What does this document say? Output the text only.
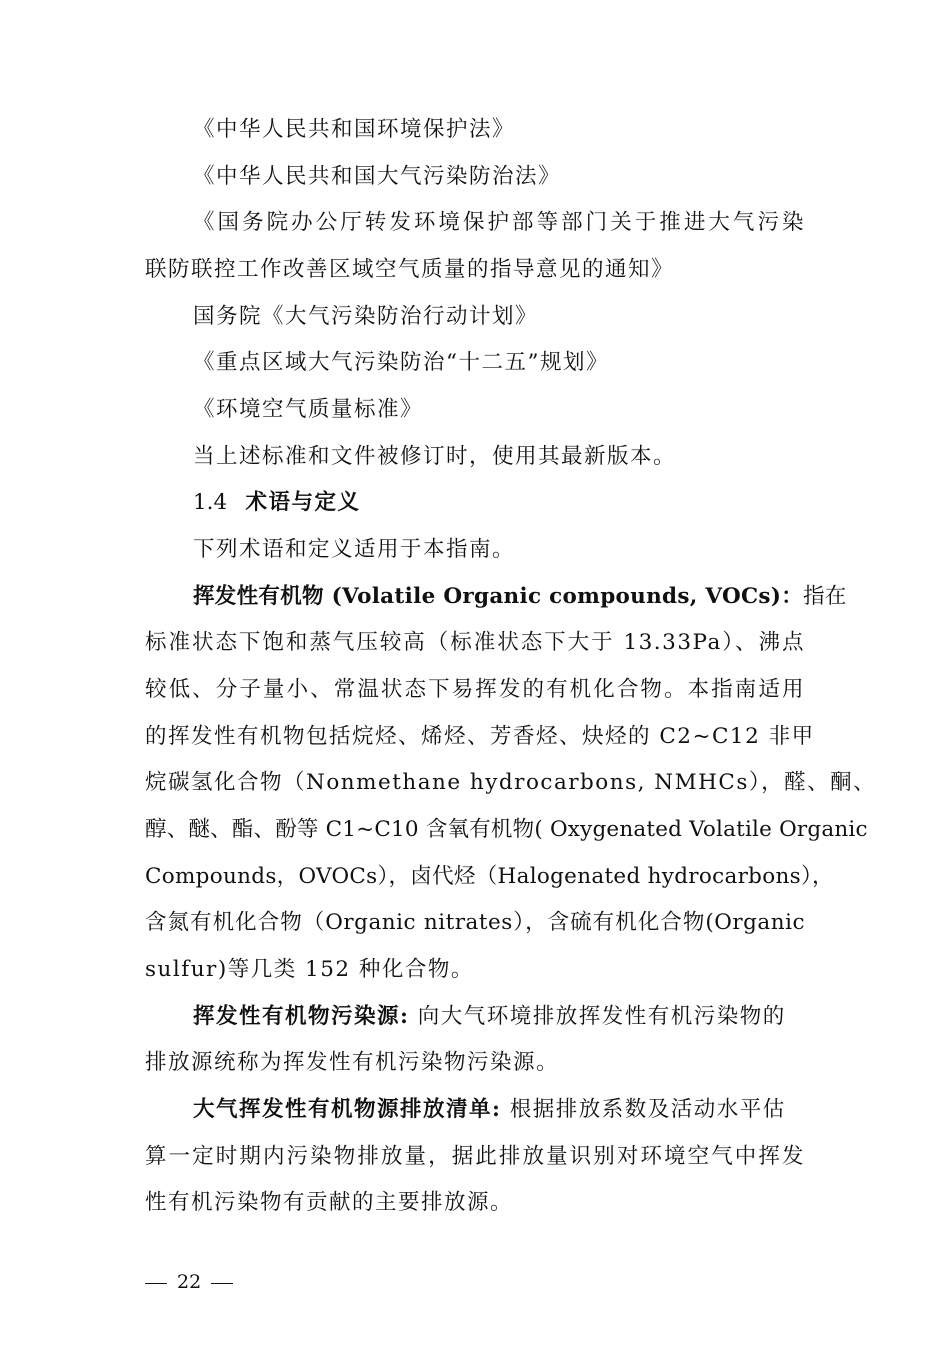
《中华人民共和国环境保护法》
《中华人民共和国大气污染防治法》
《国务院办公厅转发环境保护部等部门关于推进大气污染
联防联控工作改善区域空气质量的指导意见的通知》
国务院《大气污染防治行动计划》
《重点区域大气污染防治“十二五”规划》
《环境空气质量标准》
当上述标准和文件被修订时，使用其最新版本。
1.4 术语与定义
下列术语和定义适用于本指南。
挥发性有机物 (Volatile Organic compounds, VOCs)：指在
标准状态下饱和蒸气压较高（标准状态下大于 13.33Pa）、沸点
较低、分子量小、常温状态下易挥发的有机化合物。本指南适用
的挥发性有机物包括烷烃、烯烃、芳香烃、炔烃的 C2~C12 非甲
烷碳氢化合物（Nonmethane hydrocarbons, NMHCs），醛、酮、
醇、醚、酯、酚等 C1~C10 含氧有机物( Oxygenated Volatile Organic
Compounds，OVOCs），卤代烃（Halogenated hydrocarbons），
含氮有机化合物（Organic nitrates），含硫有机化合物(Organic
sulfur)等几类 152 种化合物。
挥发性有机物污染源: 向大气环境排放挥发性有机污染物的
排放源统称为挥发性有机污染物污染源。
大气挥发性有机物源排放清单: 根据排放系数及活动水平估
算一定时期内污染物排放量，据此排放量识别对环境空气中挥发
性有机污染物有贡献的主要排放源。
22
